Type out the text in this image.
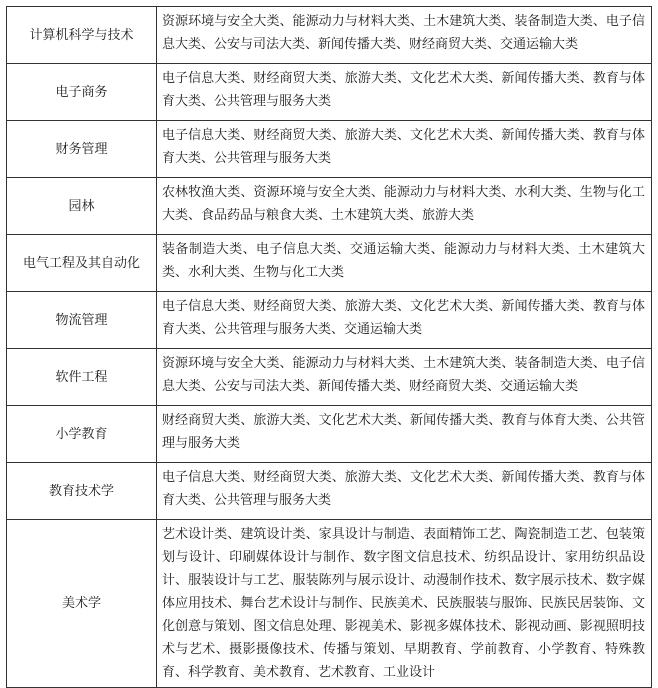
计算机科学与技术	资源环境与安全大类、能源动力与材料大类、土木建筑大类、装备制造大类、电子信息大类、公安与司法大类、新闻传播大类、财经商贸大类、交通运输大类
电子商务	电子信息大类、财经商贸大类、旅游大类、文化艺术大类、新闻传播大类、教育与体育大类、公共管理与服务大类
财务管理	电子信息大类、财经商贸大类、旅游大类、文化艺术大类、新闻传播大类、教育与体育大类、公共管理与服务大类
园林	农林牧渔大类、资源环境与安全大类、能源动力与材料大类、水利大类、生物与化工大类、食品药品与粮食大类、土木建筑大类、旅游大类
电气工程及其自动化	装备制造大类、电子信息大类、交通运输大类、能源动力与材料大类、土木建筑大类、水利大类、生物与化工大类
物流管理	电子信息大类、财经商贸大类、旅游大类、文化艺术大类、新闻传播大类、教育与体育大类、公共管理与服务大类、交通运输大类
软件工程	资源环境与安全大类、能源动力与材料大类、土木建筑大类、装备制造大类、电子信息大类、公安与司法大类、新闻传播大类、财经商贸大类、交通运输大类
小学教育	财经商贸大类、旅游大类、文化艺术大类、新闻传播大类、教育与体育大类、公共管理与服务大类
教育技术学	电子信息大类、财经商贸大类、旅游大类、文化艺术大类、新闻传播大类、教育与体育大类、公共管理与服务大类
美术学	艺术设计类、建筑设计类、家具设计与制造、表面精饰工艺、陶瓷制造工艺、包装策划与设计、印刷媒体设计与制作、数字图文信息技术、纺织品设计、家用纺织品设计、服装设计与工艺、服装陈列与展示设计、动漫制作技术、数字展示技术、数字媒体应用技术、舞台艺术设计与制作、民族美术、民族服装与服饰、民族民居装饰、文化创意与策划、图文信息处理、影视美术、影视多媒体技术、影视动画、影视照明技术与艺术、摄影摄像技术、传播与策划、早期教育、学前教育、小学教育、特殊教育、科学教育、美术教育、艺术教育、工业设计
